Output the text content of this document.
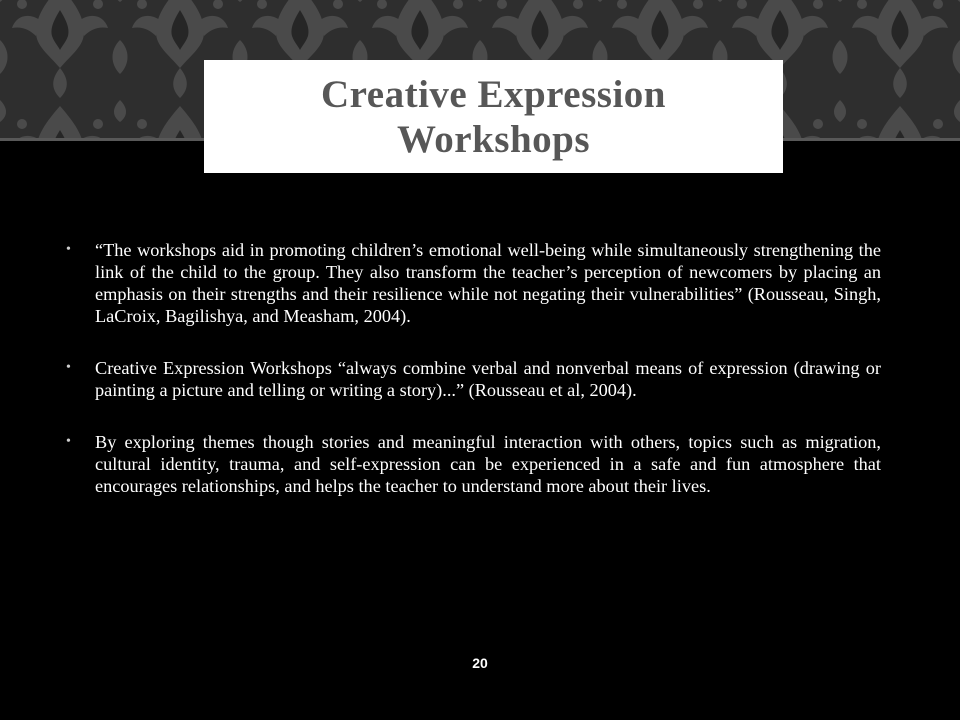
Creative Expression
Workshops
•	“The workshops aid in promoting children’s emotional well-being while simultaneously strengthening the link of the child to the group. They also transform the teacher’s perception of newcomers by placing an emphasis on their strengths and their resilience while not negating their vulnerabilities” (Rousseau, Singh, LaCroix, Bagilishya, and Measham, 2004).
•	Creative Expression Workshops “always combine verbal and nonverbal means of expression (drawing or painting a picture and telling or writing a story)...” (Rousseau et al, 2004).
•	By exploring themes though stories and meaningful interaction with others, topics such as migration, cultural identity, trauma, and self-expression can be experienced in a safe and fun atmosphere that encourages relationships, and helps the teacher to understand more about their lives.
20
